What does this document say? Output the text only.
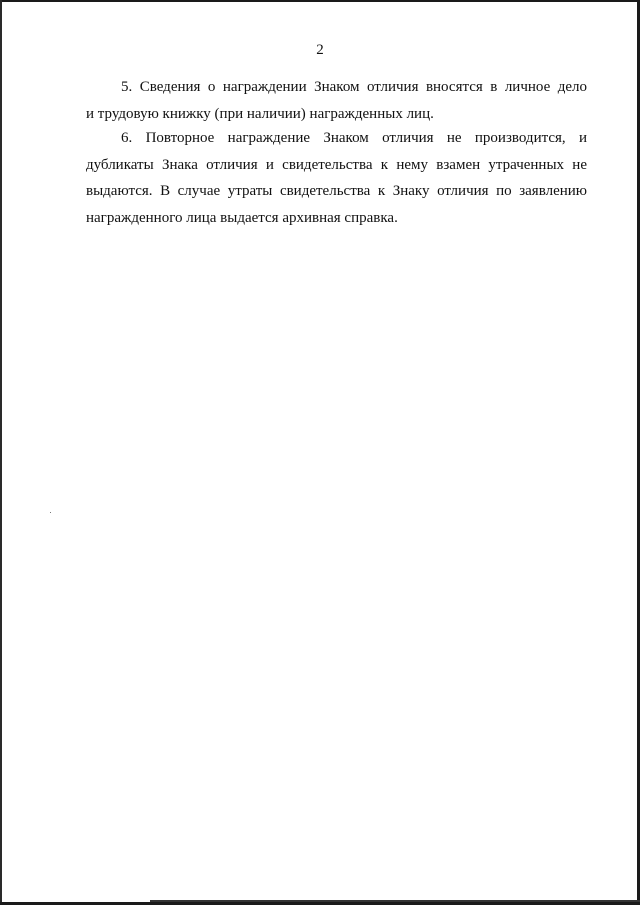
2

5. Сведения о награждении Знаком отличия вносятся в личное дело
и трудовую книжку (при наличии) награжденных лиц.

6. Повторное награждение Знаком отличия не производится, и
дубликаты Знака отличия и свидетельства к нему взамен утраченных не
выдаются. В случае утраты свидетельства к Знаку отличия по заявлению
награжденного лица выдается архивная справка.
